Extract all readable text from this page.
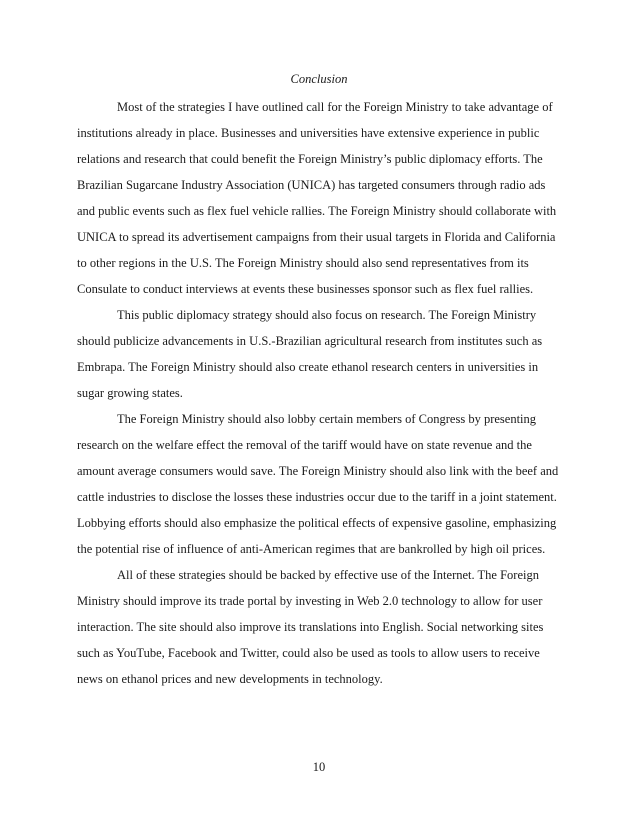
Conclusion

Most of the strategies I have outlined call for the Foreign Ministry to take advantage of
institutions already in place. Businesses and universities have extensive experience in public
relations and research that could benefit the Foreign Ministry’s public diplomacy efforts. The
Brazilian Sugarcane Industry Association (UNICA) has targeted consumers through radio ads
and public events such as flex fuel vehicle rallies. The Foreign Ministry should collaborate with
UNICA to spread its advertisement campaigns from their usual targets in Florida and California
to other regions in the U.S. The Foreign Ministry should also send representatives from its
Consulate to conduct interviews at events these businesses sponsor such as flex fuel rallies.

This public diplomacy strategy should also focus on research. The Foreign Ministry
should publicize advancements in U.S.-Brazilian agricultural research from institutes such as
Embrapa. The Foreign Ministry should also create ethanol research centers in universities in
sugar growing states.

The Foreign Ministry should also lobby certain members of Congress by presenting
research on the welfare effect the removal of the tariff would have on state revenue and the
amount average consumers would save. The Foreign Ministry should also link with the beef and
cattle industries to disclose the losses these industries occur due to the tariff in a joint statement.
Lobbying efforts should also emphasize the political effects of expensive gasoline, emphasizing
the potential rise of influence of anti-American regimes that are bankrolled by high oil prices.

All of these strategies should be backed by effective use of the Internet. The Foreign
Ministry should improve its trade portal by investing in Web 2.0 technology to allow for user
interaction. The site should also improve its translations into English. Social networking sites
such as YouTube, Facebook and Twitter, could also be used as tools to allow users to receive
news on ethanol prices and new developments in technology.

10
